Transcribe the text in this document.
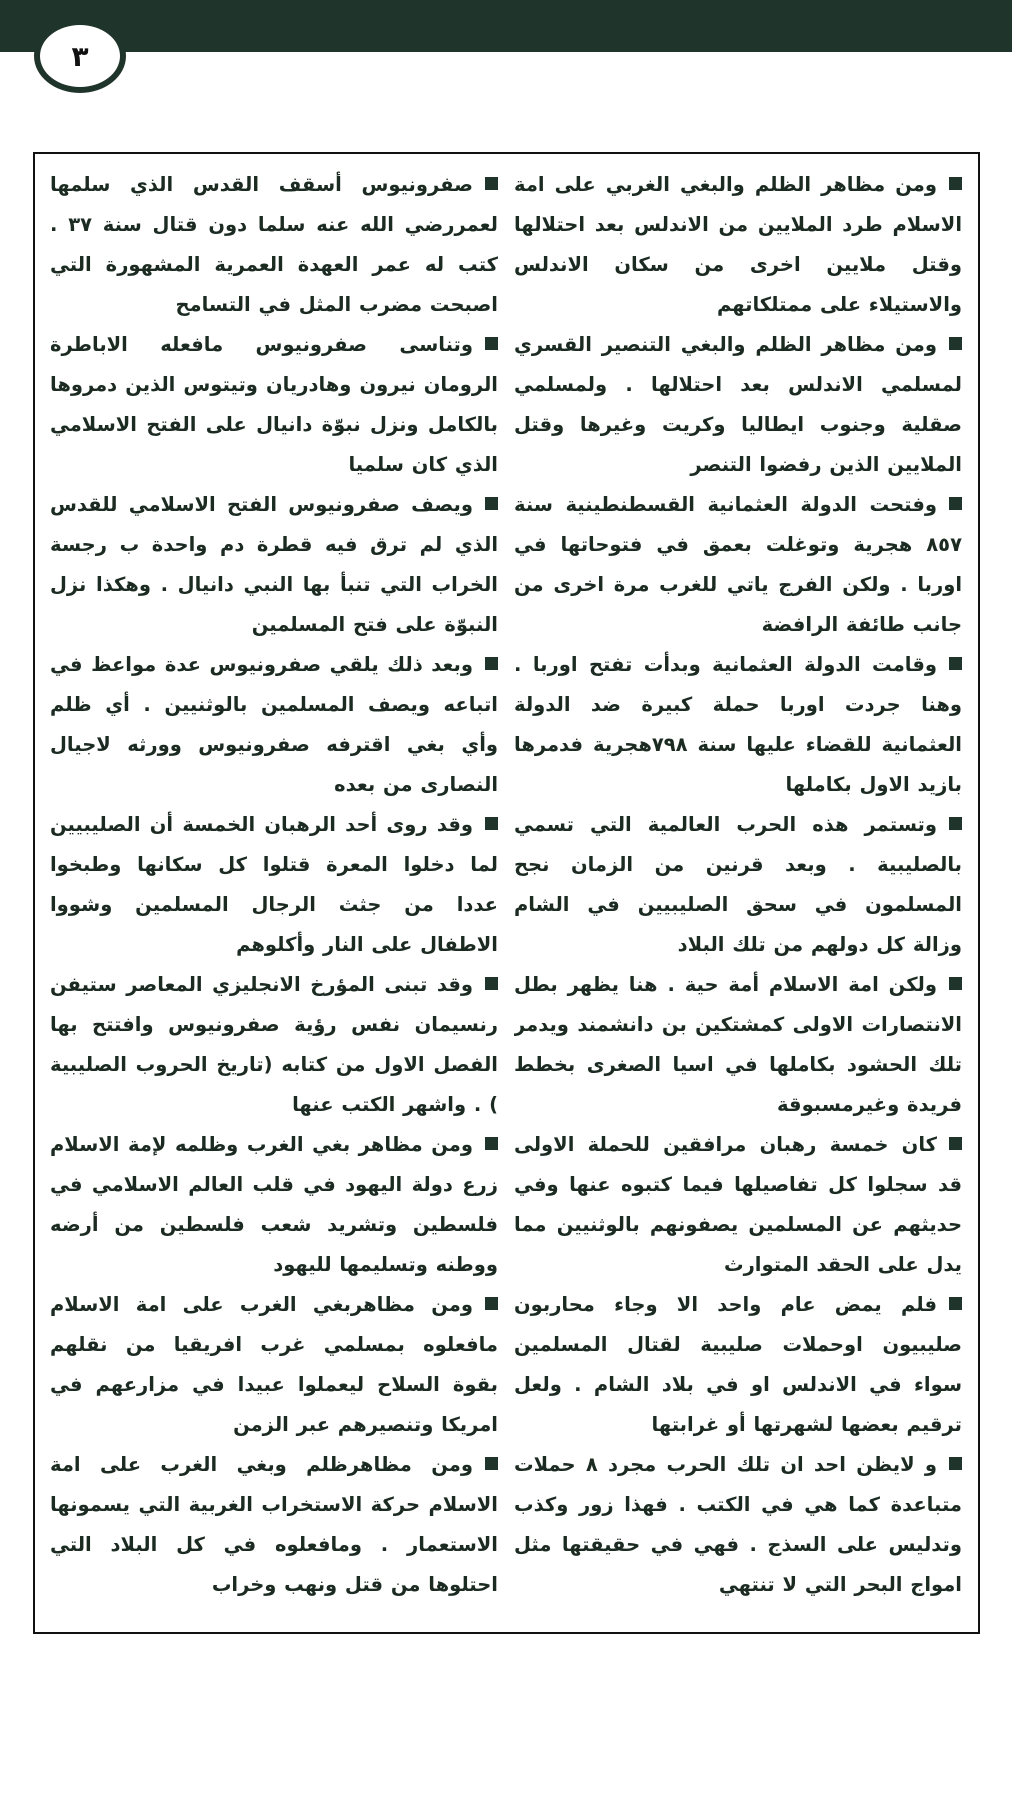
٣

صفرونيوس أسقف القدس الذي سلمها لعمررضي الله عنه سلما دون قتال سنة ٣٧ . كتب له عمر العهدة العمرية المشهورة التي اصبحت مضرب المثل في التسامح

وتناسى صفرونيوس مافعله الاباطرة الرومان نيرون وهادريان وتيتوس الذين دمروها بالكامل ونزل نبوّة دانيال على الفتح الاسلامي الذي كان سلميا

ويصف صفرونيوس الفتح الاسلامي للقدس الذي لم ترق فيه قطرة دم واحدة ب رجسة الخراب التي تنبأ بها النبي دانيال . وهكذا نزل النبوّة على فتح المسلمين

وبعد ذلك يلقي صفرونيوس عدة مواعظ في اتباعه ويصف المسلمين بالوثنيين . أي ظلم وأي بغي اقترفه صفرونيوس وورثه لاجيال النصارى من بعده

وقد روى أحد الرهبان الخمسة أن الصليبيين لما دخلوا المعرة قتلوا كل سكانها وطبخوا عددا من جثث الرجال المسلمين وشووا الاطفال على النار وأكلوهم

وقد تبنى المؤرخ الانجليزي المعاصر ستيفن رنسيمان نفس رؤية صفرونيوس وافتتح بها الفصل الاول من كتابه (تاريخ الحروب الصليبية ) . واشهر الكتب عنها

ومن مظاهر بغي الغرب وظلمه لإمة الاسلام زرع دولة اليهود في قلب العالم الاسلامي في فلسطين وتشريد شعب فلسطين من أرضه ووطنه وتسليمها لليهود

ومن مظاهربغي الغرب على امة الاسلام مافعلوه بمسلمي غرب افريقيا من نقلهم بقوة السلاح ليعملوا عبيدا في مزارعهم في امريكا وتنصيرهم عبر الزمن

ومن مظاهرظلم وبغي الغرب على امة الاسلام حركة الاستخراب الغربية التي يسمونها الاستعمار . ومافعلوه في كل البلاد التي احتلوها من قتل ونهب وخراب

ومن مظاهر الظلم والبغي الغربي على امة الاسلام طرد الملايين من الاندلس بعد احتلالها وقتل ملايين اخرى من سكان الاندلس والاستيلاء على ممتلكاتهم

ومن مظاهر الظلم والبغي التنصير القسري لمسلمي الاندلس بعد احتلالها . ولمسلمي صقلية وجنوب ايطاليا وكريت وغيرها وقتل الملايين الذين رفضوا التنصر

وفتحت الدولة العثمانية القسطنطينية سنة ٨٥٧ هجرية وتوغلت بعمق في فتوحاتها في اوربا . ولكن الفرج ياتي للغرب مرة اخرى من جانب طائفة الرافضة

وقامت الدولة العثمانية وبدأت تفتح اوربا . وهنا جردت اوربا حملة كبيرة ضد الدولة العثمانية للقضاء عليها سنة ٧٩٨هجرية فدمرها بازيد الاول بكاملها

وتستمر هذه الحرب العالمية التي تسمي بالصليبية . وبعد قرنين من الزمان نجح المسلمون في سحق الصليبيين في الشام وزالة كل دولهم من تلك البلاد

ولكن امة الاسلام أمة حية . هنا يظهر بطل الانتصارات الاولى كمشتكين بن دانشمند ويدمر تلك الحشود بكاملها في اسيا الصغرى بخطط فريدة وغيرمسبوقة

كان خمسة رهبان مرافقين للحملة الاولى قد سجلوا كل تفاصيلها فيما كتبوه عنها وفي حديثهم عن المسلمين يصفونهم بالوثنيين مما يدل على الحقد المتوارث

فلم يمض عام واحد الا وجاء محاربون صليبيون اوحملات صليبية لقتال المسلمين سواء في الاندلس او في بلاد الشام . ولعل ترقيم بعضها لشهرتها أو غرابتها

و لايظن احد ان تلك الحرب مجرد ٨ حملات متباعدة كما هي في الكتب . فهذا زور وكذب وتدليس على السذج . فهي في حقيقتها مثل امواج البحر التي لا تنتهي
